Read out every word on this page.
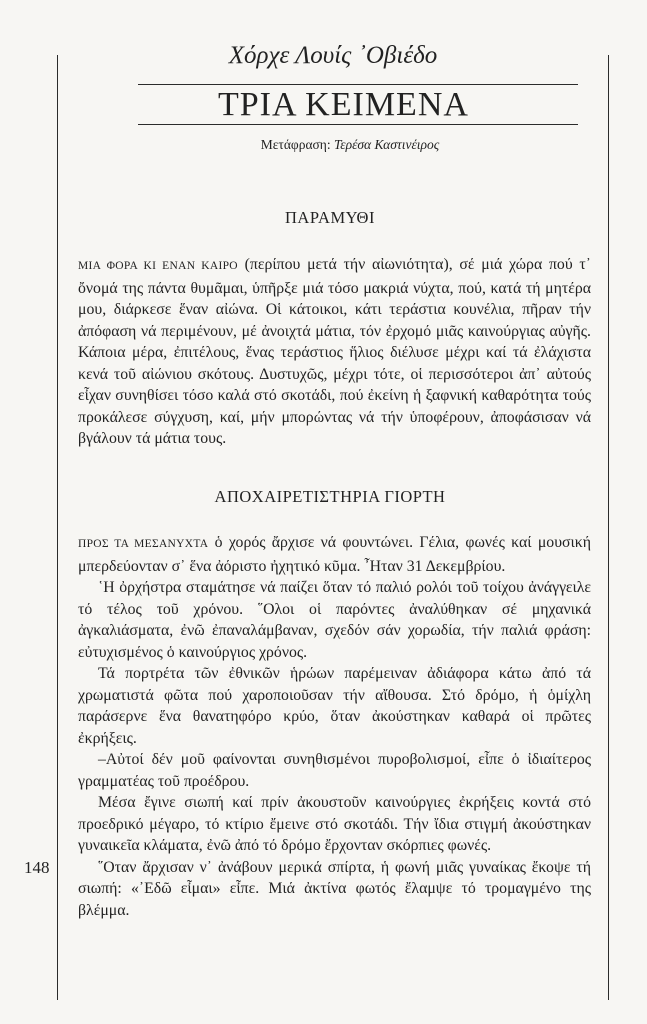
Χόρχε Λουίς ᾽Οβιέδο
ΤΡΙΑ ΚΕΙΜΕΝΑ
Μετάφραση: Τερέσα Καστινέιρος
ΠΑΡΑΜΥΘΙ

ΜΙΑ ΦΟΡΑ ΚΙ ΕΝΑΝ ΚΑΙΡΟ (περίπου μετά τήν αἰωνιότητα), σέ μιά χώρα πού τ᾽ ὄνομά της πάντα θυμᾶμαι, ὑπῆρξε μιά τόσο μακριά νύχτα, πού, κατά τή μητέρα μου, διάρκεσε ἕναν αἰώνα. Οἱ κάτοικοι, κάτι τεράστια κουνέλια, πῆραν τήν ἀπόφαση νά περιμένουν, μέ ἀνοιχτά μάτια, τόν ἐρχομό μιᾶς καινούργιας αὐγῆς. Κάποια μέρα, ἐπιτέλους, ἕνας τεράστιος ἥλιος διέλυσε μέχρι καί τά ἐλάχιστα κενά τοῦ αἰώνιου σκότους. Δυστυχῶς, μέχρι τότε, οἱ περισσότεροι ἀπ᾽ αὐτούς εἶχαν συνηθίσει τόσο καλά στό σκοτάδι, πού ἐκείνη ἡ ξαφνική καθαρότητα τούς προκάλεσε σύγχυση, καί, μήν μπορώντας νά τήν ὑποφέρουν, ἀποφάσισαν νά βγάλουν τά μάτια τους.

ΑΠΟΧΑΙΡΕΤΙΣΤΗΡΙΑ ΓΙΟΡΤΗ

ΠΡΟΣ ΤΑ ΜΕΣΑΝΥΧΤΑ ὁ χορός ἄρχισε νά φουντώνει. Γέλια, φωνές καί μουσική μπερδεύονταν σ᾽ ἕνα ἀόριστο ἠχητικό κῦμα. ῏Ηταν 31 Δεκεμβρίου.

῾Η ὀρχήστρα σταμάτησε νά παίζει ὅταν τό παλιό ρολόι τοῦ τοίχου ἀνάγγειλε τό τέλος τοῦ χρόνου. ῞Ολοι οἱ παρόντες ἀναλύθηκαν σέ μηχανικά ἀγκαλιάσματα, ἐνῶ ἐπαναλάμβαναν, σχεδόν σάν χορωδία, τήν παλιά φράση: εὐτυχισμένος ὁ καινούργιος χρόνος.

Τά πορτρέτα τῶν ἐθνικῶν ἡρώων παρέμειναν ἀδιάφορα κάτω ἀπό τά χρωματιστά φῶτα πού χαροποιοῦσαν τήν αἴθουσα. Στό δρόμο, ἡ ὁμίχλη παράσερνε ἕνα θανατηφόρο κρύο, ὅταν ἀκούστηκαν καθαρά οἱ πρῶτες ἐκρήξεις.

–Αὐτοί δέν μοῦ φαίνονται συνηθισμένοι πυροβολισμοί, εἶπε ὁ ἰδιαίτερος γραμματέας τοῦ προέδρου.

Μέσα ἔγινε σιωπή καί πρίν ἀκουστοῦν καινούργιες ἐκρήξεις κοντά στό προεδρικό μέγαρο, τό κτίριο ἔμεινε στό σκοτάδι. Τήν ἴδια στιγμή ἀκούστηκαν γυναικεῖα κλάματα, ἐνῶ ἀπό τό δρόμο ἔρχονταν σκόρπιες φωνές.

῞Οταν ἄρχισαν ν᾽ ἀνάβουν μερικά σπίρτα, ἡ φωνή μιᾶς γυναίκας ἔκοψε τή σιωπή: «᾽Εδῶ εἶμαι» εἶπε. Μιά ἀκτίνα φωτός ἔλαμψε τό τρομαγμένο της βλέμμα.

148
